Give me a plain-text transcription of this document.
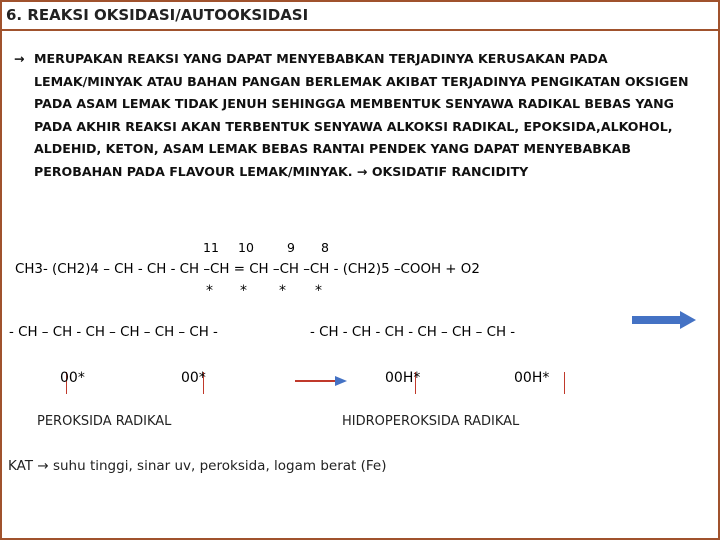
6. REAKSI OKSIDASI/AUTOOKSIDASI
→ MERUPAKAN REAKSI YANG DAPAT MENYEBABKAN TERJADINYA KERUSAKAN PADA LEMAK/MINYAK ATAU BAHAN PANGAN BERLEMAK AKIBAT TERJADINYA PENGIKATAN OKSIGEN PADA ASAM LEMAK TIDAK JENUH SEHINGGA MEMBENTUK SENYAWA RADIKAL BEBAS YANG PADA AKHIR REAKSI AKAN TERBENTUK SENYAWA ALKOKSI RADIKAL, EPOKSIDA,ALKOHOL, ALDEHID, KETON, ASAM LEMAK BEBAS RANTAI PENDEK YANG DAPAT MENYEBABKAB PEROBAHAN PADA FLAVOUR LEMAK/MINYAK. → OKSIDATIF RANCIDITY
11 10	9 8
CH3- (CH2)4 – CH - CH - CH –CH = CH –CH –CH - (CH2)5 –COOH + O2
* * * *
- CH – CH - CH – CH – CH – CH -	- CH - CH - CH - CH – CH – CH -
00*	00*	00H*	00H*
PEROKSIDA RADIKAL	HIDROPEROKSIDA RADIKAL
KAT → suhu tinggi, sinar uv, peroksida, logam berat (Fe)
